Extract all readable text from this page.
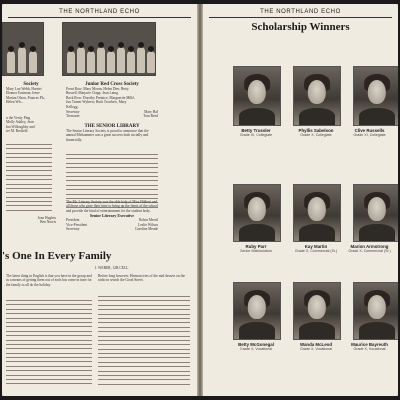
THE NORTHLAND ECHO

Society

Mary Lou Webb, Harriet

Eleanor Eastman, Irene

Marian Olson, Frances Ph.,

Helen Wh...

Junior Red Cross Society

Front Row: Mary Moran, Helen Dier, Betty

Russell, Marjorie Clapp, Jean Laing.

Back Row: Dorothy Prentice, Marguerite Millé,

Jun Turner Wybrew, Ruth Trowbris, Mary

Kellogg.

n the Verity Ping

Molly Ashley, Jean

Ina Willoughby and

ier M. Berfield

Jean Hughes

Ben Norris

Secretary	Mary Hal

Treasurer	Tom Reed

THE SENIOR LIBRARY

The Senior Literary Society is proud to announce that the annual Midsummer was a great success both socially and financially.

The Mr. Literary Society was the able help of Miss Hibbert and all those who gave their time to bring up the finest of the school and provide the kind of entertainment for the student body.

Senior Literary Executive

President	Robin Merril

Vice-President	Leslie Wilson

Secretary	Caroline Meade

's One In Every Family

J. WEBER, 12B CELL.

The latest thing in English is that you have in the group and as a means of getting them out of each has come in time for the family to all do the holiday.

Before long however, Herman tries of the mid dessert on the radio in search the Good Street.

THE NORTHLAND ECHO
Scholarship Winners
Betty Trussler
Grade IX, Collegiate
Phyllis Sabelson
Grade X, Collegiate
Clive Russells
Grade XI, Collegiate
Ruby Parr
Senior Matriculation
Kay Martin
Grade X, Commercial (Sr.)
Marion Armstrong
Grade X, Commercial (Sr.)
Betty McGonegal
Grade X, Vocational
Wanda McLeod
Grade X, Vocational
Maurice Bayreuth
Grade X, Vocational
